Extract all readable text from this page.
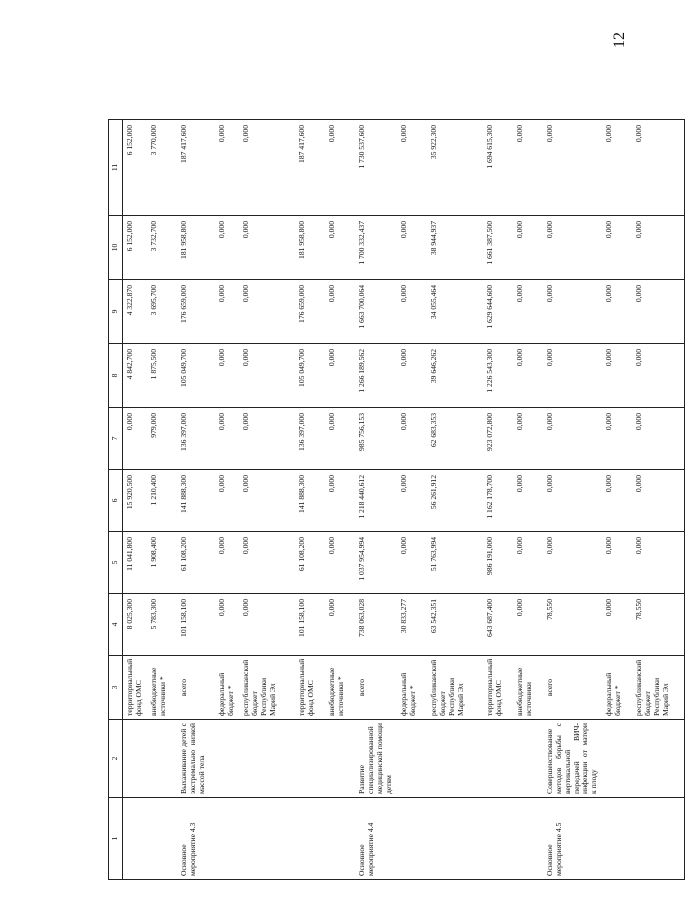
12
1	2	3	4	5	6	7	8	9	10	11
		территориальный фонд ОМС	8 025,300	11 041,800	15 920,500	0,000	4 842,700	4 322,870	6 152,000	6 152,000
		внебюджетные источники *	5 783,300	1 908,400	1 210,400	979,000	1 875,500	3 695,700	3 732,700	3 770,000
Основное мероприятие 4.3	Выхаживание детей с экстремально низкой массой тела	всего	101 158,100	61 108,200	141 888,300	136 397,000	105 049,700	176 659,000	181 958,800	187 417,600
		федеральный бюджет *	0,000	0,000	0,000	0,000	0,000	0,000	0,000	0,000
		республиканский бюджет Республики Марий Эл	0,000	0,000	0,000	0,000	0,000	0,000	0,000	0,000
		территориальный фонд ОМС	101 158,100	61 108,200	141 888,300	136 397,000	105 049,700	176 659,000	181 958,800	187 417,600
		внебюджетные источники *	0,000	0,000	0,000	0,000	0,000	0,000	0,000	0,000
Основное мероприятие 4.4	Развитие специализированной медицинской помощи детям	всего	738 063,028	1 037 954,994	1 218 440,612	985 756,153	1 266 189,562	1 663 700,064	1 700 332,437	1 730 537,600
		федеральный бюджет *	30 833,277	0,000	0,000	0,000	0,000	0,000	0,000	0,000
		республиканский бюджет Республики Марий Эл	63 542,351	51 763,994	56 261,912	62 683,353	39 646,262	34 055,464	38 944,937	35 922,300
		территориальный фонд ОМС	643 687,400	986 191,000	1 162 178,700	923 072,800	1 226 543,300	1 629 644,600	1 661 387,500	1 694 615,300
		внебюджетные источники	0,000	0,000	0,000	0,000	0,000	0,000	0,000	0,000
Основное мероприятие 4.5	Совершенствование методов борьбы с вертикальной передачей ВИЧ-инфекции от матери к плоду	всего	78,550	0,000	0,000	0,000	0,000	0,000	0,000	0,000
		федеральный бюджет *	0,000	0,000	0,000	0,000	0,000	0,000	0,000	0,000
		республиканский бюджет Республики Марий Эл	78,550	0,000	0,000	0,000	0,000	0,000	0,000	0,000
